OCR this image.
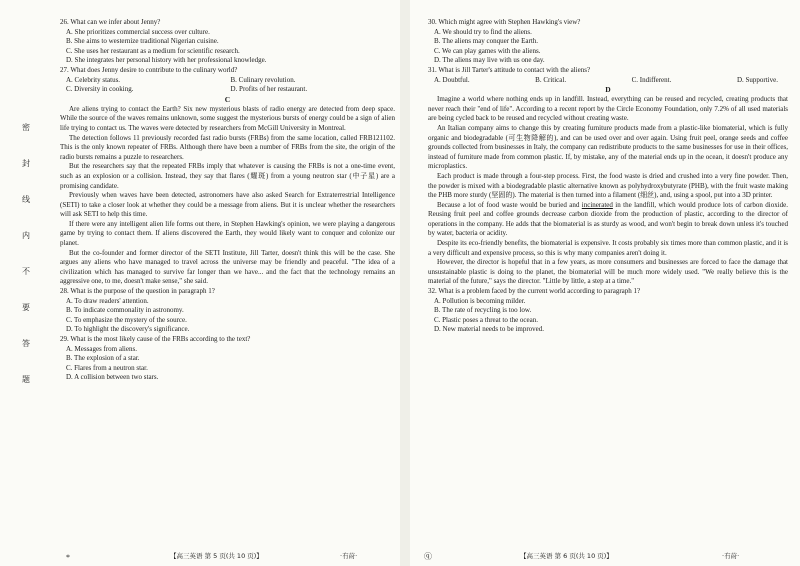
密
封
线
内
不
要
答
题

26. What can we infer about Jenny?

A. She prioritizes commercial success over culture.
B. She aims to westernize traditional Nigerian cuisine.
C. She uses her restaurant as a medium for scientific research.
D. She integrates her personal history with her professional knowledge.

27. What does Jenny desire to contribute to the culinary world?

A. Celebrity status.	B. Culinary revolution.
C. Diversity in cooking.	D. Profits of her restaurant.
C

Are aliens trying to contact the Earth? Six new mysterious blasts of radio energy are detected from deep space. While the source of the waves remains unknown, some suggest the mysterious bursts of energy could be a sign of alien life trying to contact us. The waves were detected by researchers from McGill University in Montreal.

The detection follows 11 previously recorded fast radio bursts (FRBs) from the same location, called FRB121102. This is the only known repeater of FRBs. Although there have been a number of FRBs from the site, the origin of the radio bursts remains a puzzle to researchers.

But the researchers say that the repeated FRBs imply that whatever is causing the FRBs is not a one-time event, such as an explosion or a collision. Instead, they say that flares (耀斑) from a young neutron star (中子星) are a promising candidate.

Previously when waves have been detected, astronomers have also asked Search for Extraterrestrial Intelligence (SETI) to take a closer look at whether they could be a message from aliens. But it is unclear whether the researchers will ask SETI to help this time.

If there were any intelligent alien life forms out there, in Stephen Hawking's opinion, we were playing a dangerous game by trying to contact them. If aliens discovered the Earth, they would likely want to conquer and colonize our planet.

But the co-founder and former director of the SETI Institute, Jill Tarter, doesn't think this will be the case. She argues any aliens who have managed to travel across the universe may be friendly and peaceful. "The idea of a civilization which has managed to survive far longer than we have... and the fact that the technology remains an aggressive one, to me, doesn't make sense," she said.

28. What is the purpose of the question in paragraph 1?

A. To draw readers' attention.
B. To indicate commonality in astronomy.
C. To emphasize the mystery of the source.
D. To highlight the discovery's significance.

29. What is the most likely cause of the FRBs according to the text?

A. Messages from aliens.
B. The explosion of a star.
C. Flares from a neutron star.
D. A collision between two stars.
*	【高三英语 第 5 页(共 10 页)】	·冇莳·

30. Which might agree with Stephen Hawking's view?

A. We should try to find the aliens.
B. The aliens may conquer the Earth.
C. We can play games with the aliens.
D. The aliens may live with us one day.

31. What is Jill Tarter's attitude to contact with the aliens?

A. Doubtful.	B. Critical.	C. Indifferent.	D. Supportive.
D

Imagine a world where nothing ends up in landfill. Instead, everything can be reused and recycled, creating products that never reach their "end of life". According to a recent report by the Circle Economy Foundation, only 7.2% of all used materials are being cycled back to be reused and recycled without creating waste.

An Italian company aims to change this by creating furniture products made from a plastic-like biomaterial, which is fully organic and biodegradable (可生物降解的), and can be used over and over again. Using fruit peel, orange seeds and coffee grounds collected from businesses in Italy, the company can redistribute products to the same businesses for use in their offices, instead of furniture made from common plastic. If, by mistake, any of the material ends up in the ocean, it doesn't produce any microplastics.

Each product is made through a four-step process. First, the food waste is dried and crushed into a very fine powder. Then, the powder is mixed with a biodegradable plastic alternative known as polyhydroxybutyrate (PHB), with the fruit waste making the PHB more sturdy (坚固的). The material is then turned into a filament (细丝), and, using a spool, put into a 3D printer.

Because a lot of food waste would be buried and incinerated in the landfill, which would produce lots of carbon dioxide. Reusing fruit peel and coffee grounds decrease carbon dioxide from the production of plastic, according to the director of operations in the company. He adds that the biomaterial is as sturdy as wood, and won't begin to break down unless it's touched by water, bacteria or acidity.

Despite its eco-friendly benefits, the biomaterial is expensive. It costs probably six times more than common plastic, and it is a very difficult and expensive process, so this is why many companies aren't doing it.

However, the director is hopeful that in a few years, as more consumers and businesses are forced to face the damage that unsustainable plastic is doing to the planet, the biomaterial will be much more widely used. "We really believe this is the material of the future," says the director. "Little by little, a step at a time."

32. What is a problem faced by the current world according to paragraph 1?

A. Pollution is becoming milder.
B. The rate of recycling is too low.
C. Plastic poses a threat to the ocean.
D. New material needs to be improved.
ⓠ	【高三英语 第 6 页(共 10 页)】	·冇莳·
